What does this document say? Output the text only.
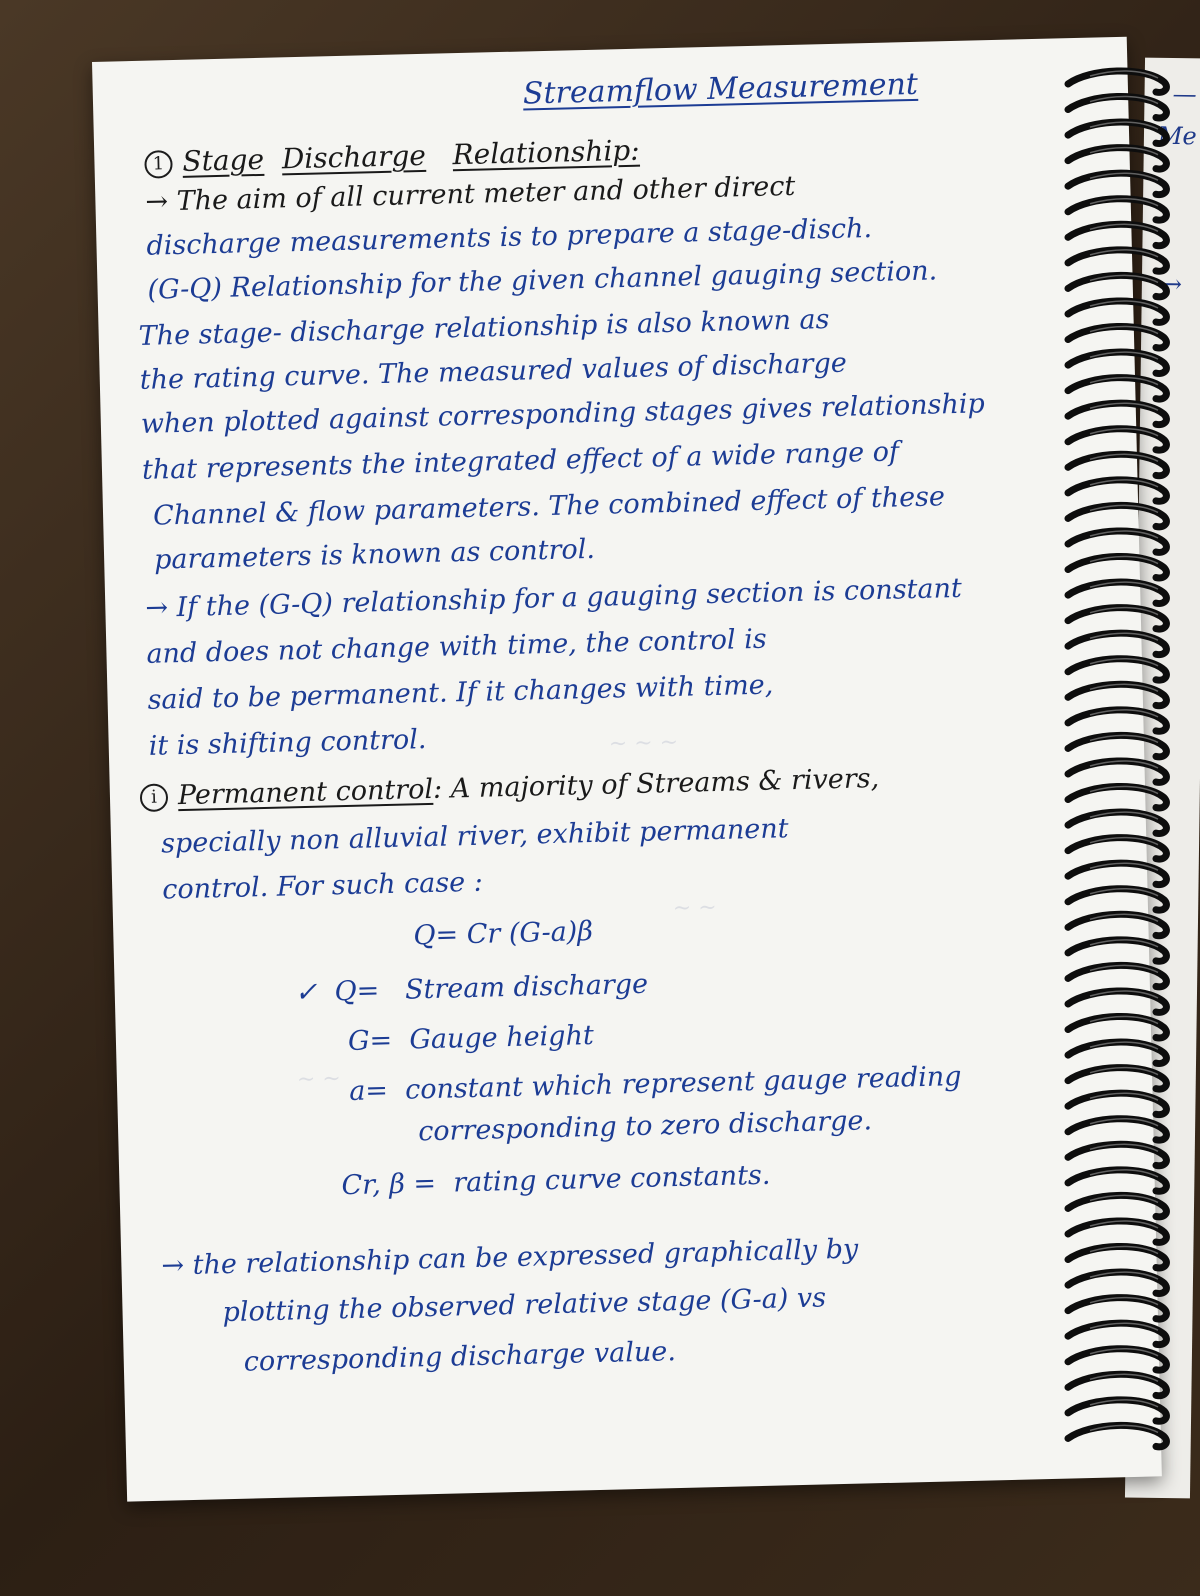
—
Me
→
~ ~ ~
~ ~
~ ~

Streamflow Measurement

1 Stage Discharge Relationship:

→ The aim of all current meter and other direct

discharge measurements is to prepare a stage-disch.

(G-Q) Relationship for the given channel gauging section.

The stage- discharge relationship is also known as

the rating curve. The measured values of discharge

when plotted against corresponding stages gives relationship

that represents the integrated effect of a wide range of

Channel & flow parameters. The combined effect of these

parameters is known as control.

→ If the (G-Q) relationship for a gauging section is constant

and does not change with time, the control is

said to be permanent. If it changes with time,

it is shifting control.

i Permanent control: A majority of Streams & rivers,

specially non alluvial river, exhibit permanent

control. For such case :

Q= Cr (G-a)β

✓ Q= Stream discharge

G= Gauge height

a= constant which represent gauge reading

corresponding to zero discharge.

Cr, β = rating curve constants.

→ the relationship can be expressed graphically by

plotting the observed relative stage (G-a) vs

corresponding discharge value.
